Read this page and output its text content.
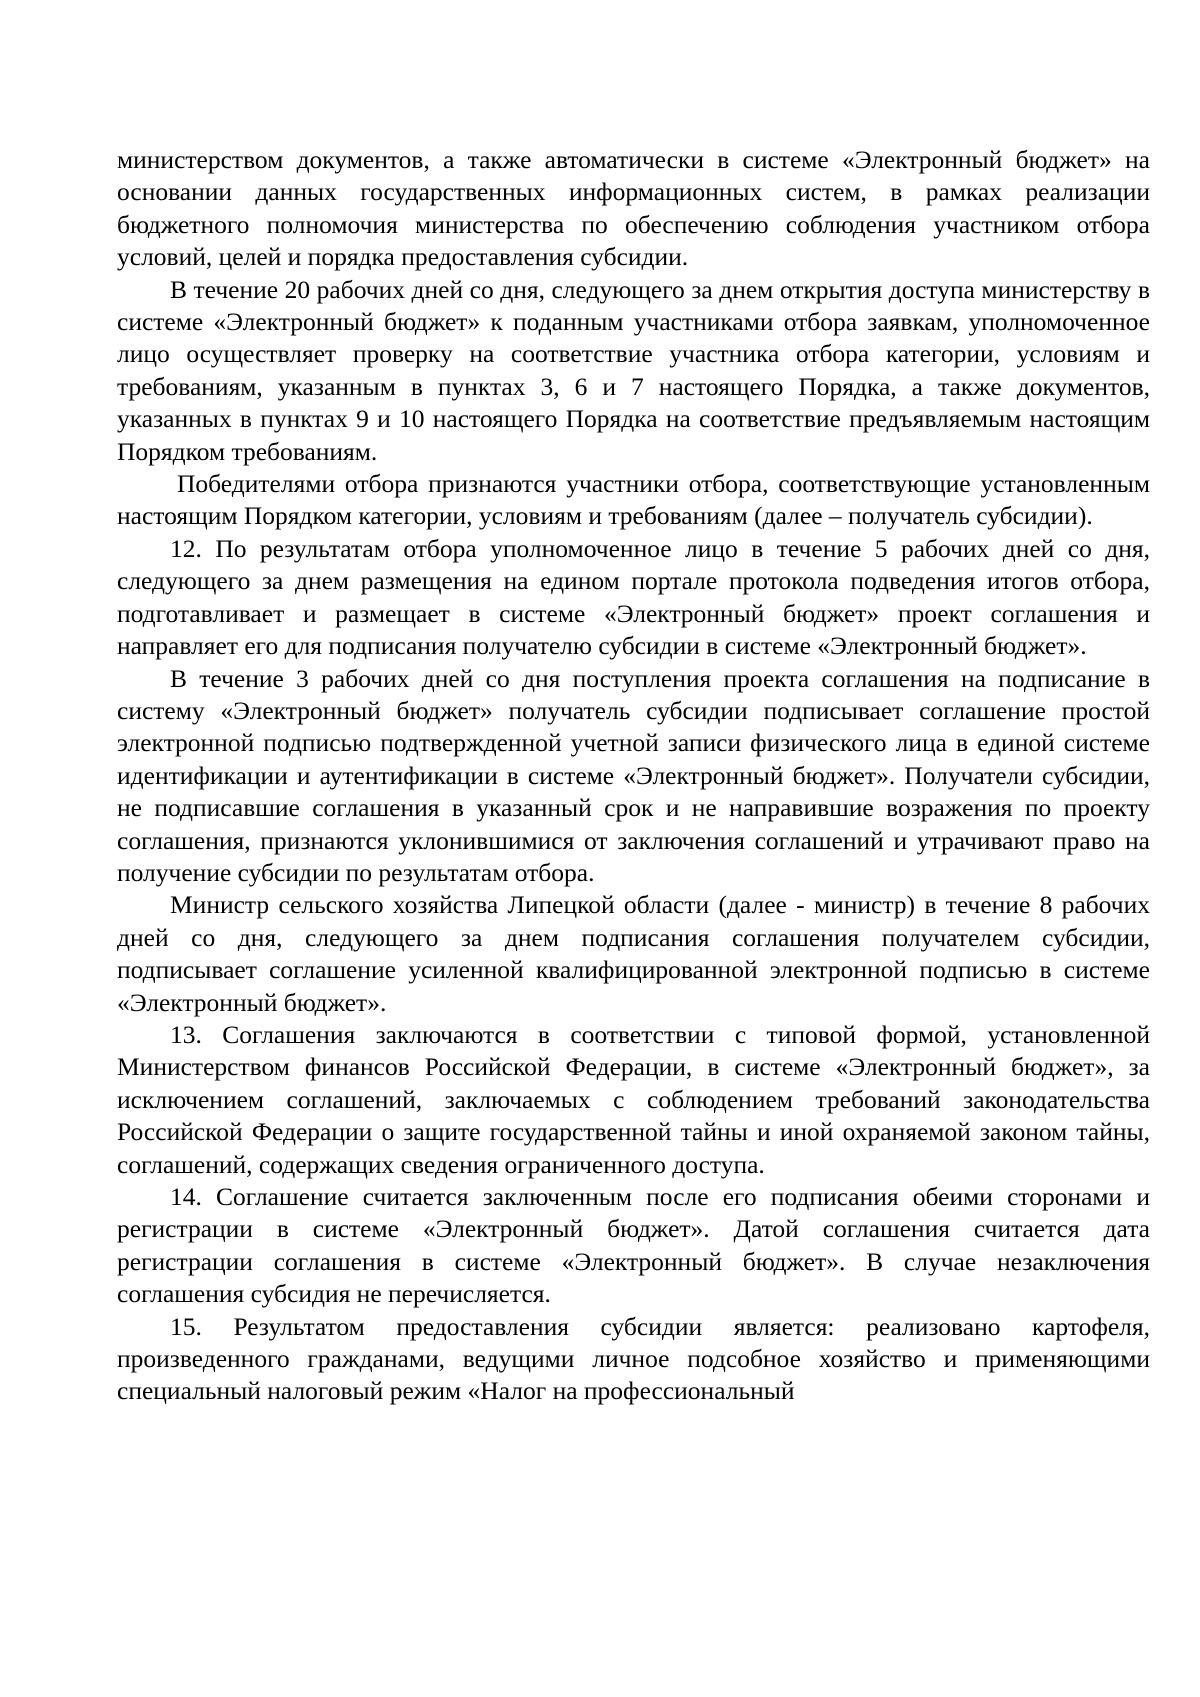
министерством документов, а также автоматически в системе «Электронный бюджет» на основании данных государственных информационных систем, в рамках реализации бюджетного полномочия министерства по обеспечению соблюдения участником отбора условий, целей и порядка предоставления субсидии.

В течение 20 рабочих дней со дня, следующего за днем открытия доступа министерству в системе «Электронный бюджет» к поданным участниками отбора заявкам, уполномоченное лицо осуществляет проверку на соответствие участника отбора категории, условиям и требованиям, указанным в пунктах 3, 6 и 7 настоящего Порядка, а также документов, указанных в пунктах 9 и 10 настоящего Порядка на соответствие предъявляемым настоящим Порядком требованиям.

Победителями отбора признаются участники отбора, соответствующие установленным настоящим Порядком категории, условиям и требованиям (далее – получатель субсидии).

12. По результатам отбора уполномоченное лицо в течение 5 рабочих дней со дня, следующего за днем размещения на едином портале протокола подведения итогов отбора, подготавливает и размещает в системе «Электронный бюджет» проект соглашения и направляет его для подписания получателю субсидии в системе «Электронный бюджет».

В течение 3 рабочих дней со дня поступления проекта соглашения на подписание в систему «Электронный бюджет» получатель субсидии подписывает соглашение простой электронной подписью подтвержденной учетной записи физического лица в единой системе идентификации и аутентификации в системе «Электронный бюджет». Получатели субсидии, не подписавшие соглашения в указанный срок и не направившие возражения по проекту соглашения, признаются уклонившимися от заключения соглашений и утрачивают право на получение субсидии по результатам отбора.

Министр сельского хозяйства Липецкой области (далее - министр) в течение 8 рабочих дней со дня, следующего за днем подписания соглашения получателем субсидии, подписывает соглашение усиленной квалифицированной электронной подписью в системе «Электронный бюджет».

13. Соглашения заключаются в соответствии с типовой формой, установленной Министерством финансов Российской Федерации, в системе «Электронный бюджет», за исключением соглашений, заключаемых с соблюдением требований законодательства Российской Федерации о защите государственной тайны и иной охраняемой законом тайны, соглашений, содержащих сведения ограниченного доступа.

14. Соглашение считается заключенным после его подписания обеими сторонами и регистрации в системе «Электронный бюджет». Датой соглашения считается дата регистрации соглашения в системе «Электронный бюджет». В случае незаключения соглашения субсидия не перечисляется.

15. Результатом предоставления субсидии является: реализовано картофеля, произведенного гражданами, ведущими личное подсобное хозяйство и применяющими специальный налоговый режим «Налог на профессиональный
